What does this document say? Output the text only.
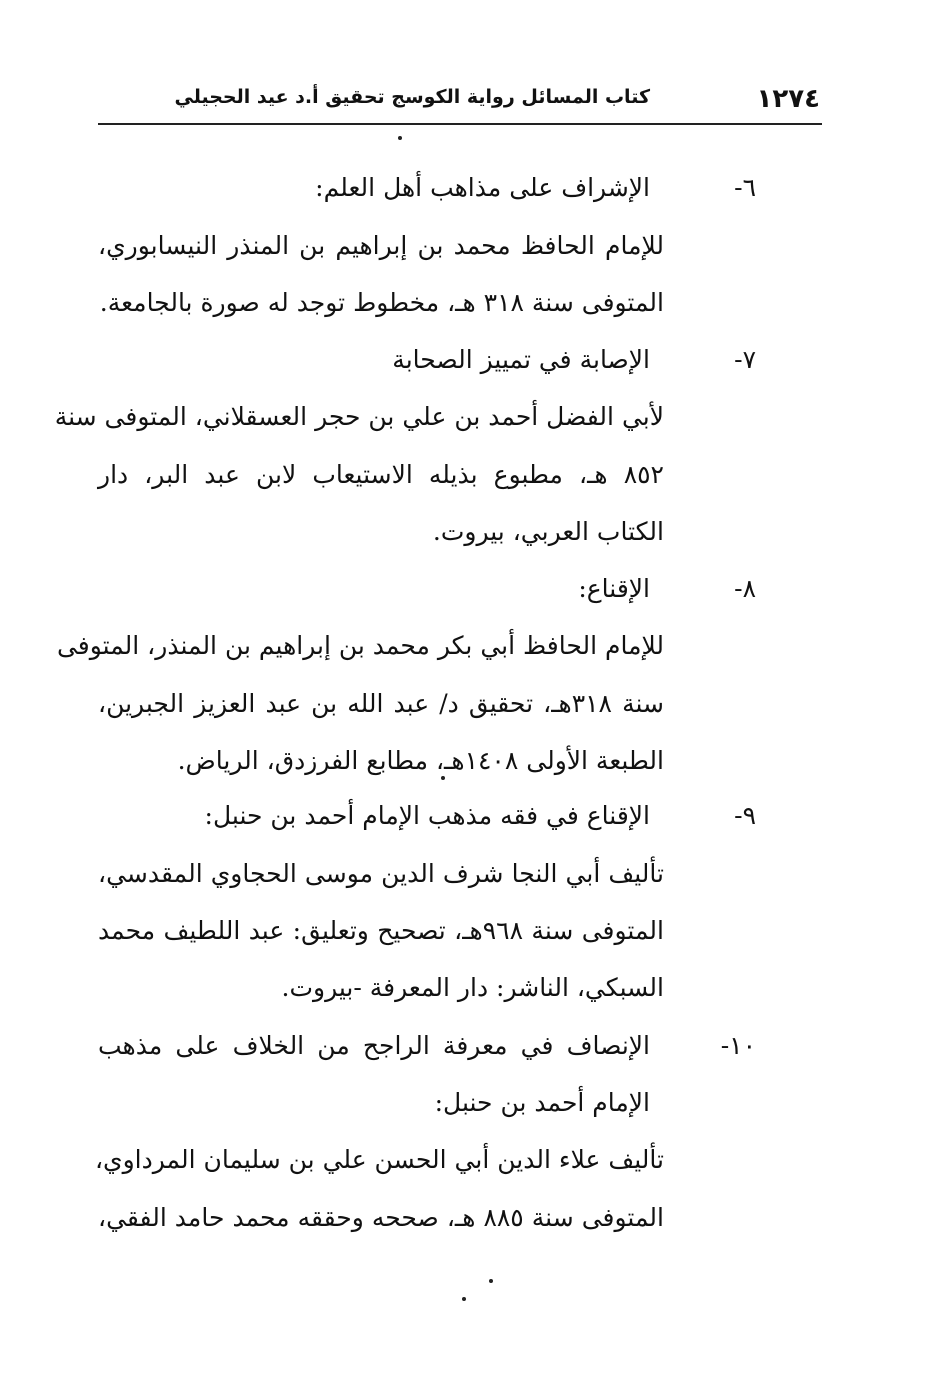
١٢٧٤
كتاب المسائل رواية الكوسج تحقيق أ.د عيد الحجيلي
٦-
الإشراف على مذاهب أهل العلم:
للإمام الحافظ محمد بن إبراهيم بن المنذر النيسابوري،
المتوفى سنة ٣١٨ هـ، مخطوط توجد له صورة بالجامعة.
٧-
الإصابة في تمييز الصحابة
لأبي الفضل أحمد بن علي بن حجر العسقلاني، المتوفى سنة
٨٥٢ هـ، مطبوع بذيله الاستيعاب لابن عبد البر، دار
الكتاب العربي، بيروت.
٨-
الإقناع:
للإمام الحافظ أبي بكر محمد بن إبراهيم بن المنذر، المتوفى
سنة ٣١٨هـ، تحقيق د/ عبد الله بن عبد العزيز الجبرين،
الطبعة الأولى ١٤٠٨هـ، مطابع الفرزدق، الرياض.
٩-
الإقناع في فقه مذهب الإمام أحمد بن حنبل:
تأليف أبي النجا شرف الدين موسى الحجاوي المقدسي،
المتوفى سنة ٩٦٨هـ، تصحيح وتعليق: عبد اللطيف محمد
السبكي، الناشر: دار المعرفة -بيروت.
١٠-
الإنصاف في معرفة الراجح من الخلاف على مذهب
الإمام أحمد بن حنبل:
تأليف علاء الدين أبي الحسن علي بن سليمان المرداوي،
المتوفى سنة ٨٨٥ هـ، صححه وحققه محمد حامد الفقي،
